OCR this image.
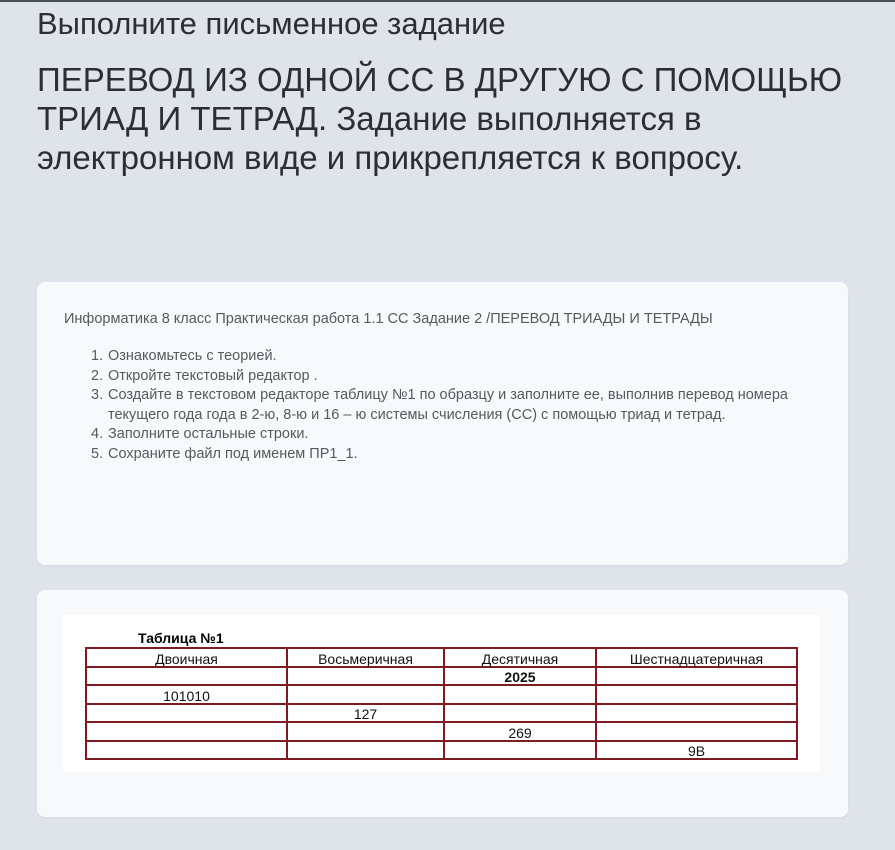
Выполните письменное задание
ПЕРЕВОД ИЗ ОДНОЙ СС В ДРУГУЮ С ПОМОЩЬЮ ТРИАД И ТЕТРАД. Задание выполняется в электронном виде и прикрепляется к вопросу.
Информатика 8 класс Практическая работа 1.1 СС Задание 2 /ПЕРЕВОД ТРИАДЫ И ТЕТРАДЫ
1. Ознакомьтесь с теорией.
2. Откройте текстовый редактор .
3. Создайте в текстовом редакторе таблицу №1 по образцу и заполните ее, выполнив перевод номера текущего года года в 2-ю, 8-ю и 16 – ю системы счисления (СС) с помощью триад и тетрад.
4. Заполните остальные строки.
5. Сохраните файл под именем ПР1_1.
Таблица №1
Двоичная	Восьмеричная	Десятичная	Шестнадцатеричная
		2025	
101010			
	127		
		269	
			9B
